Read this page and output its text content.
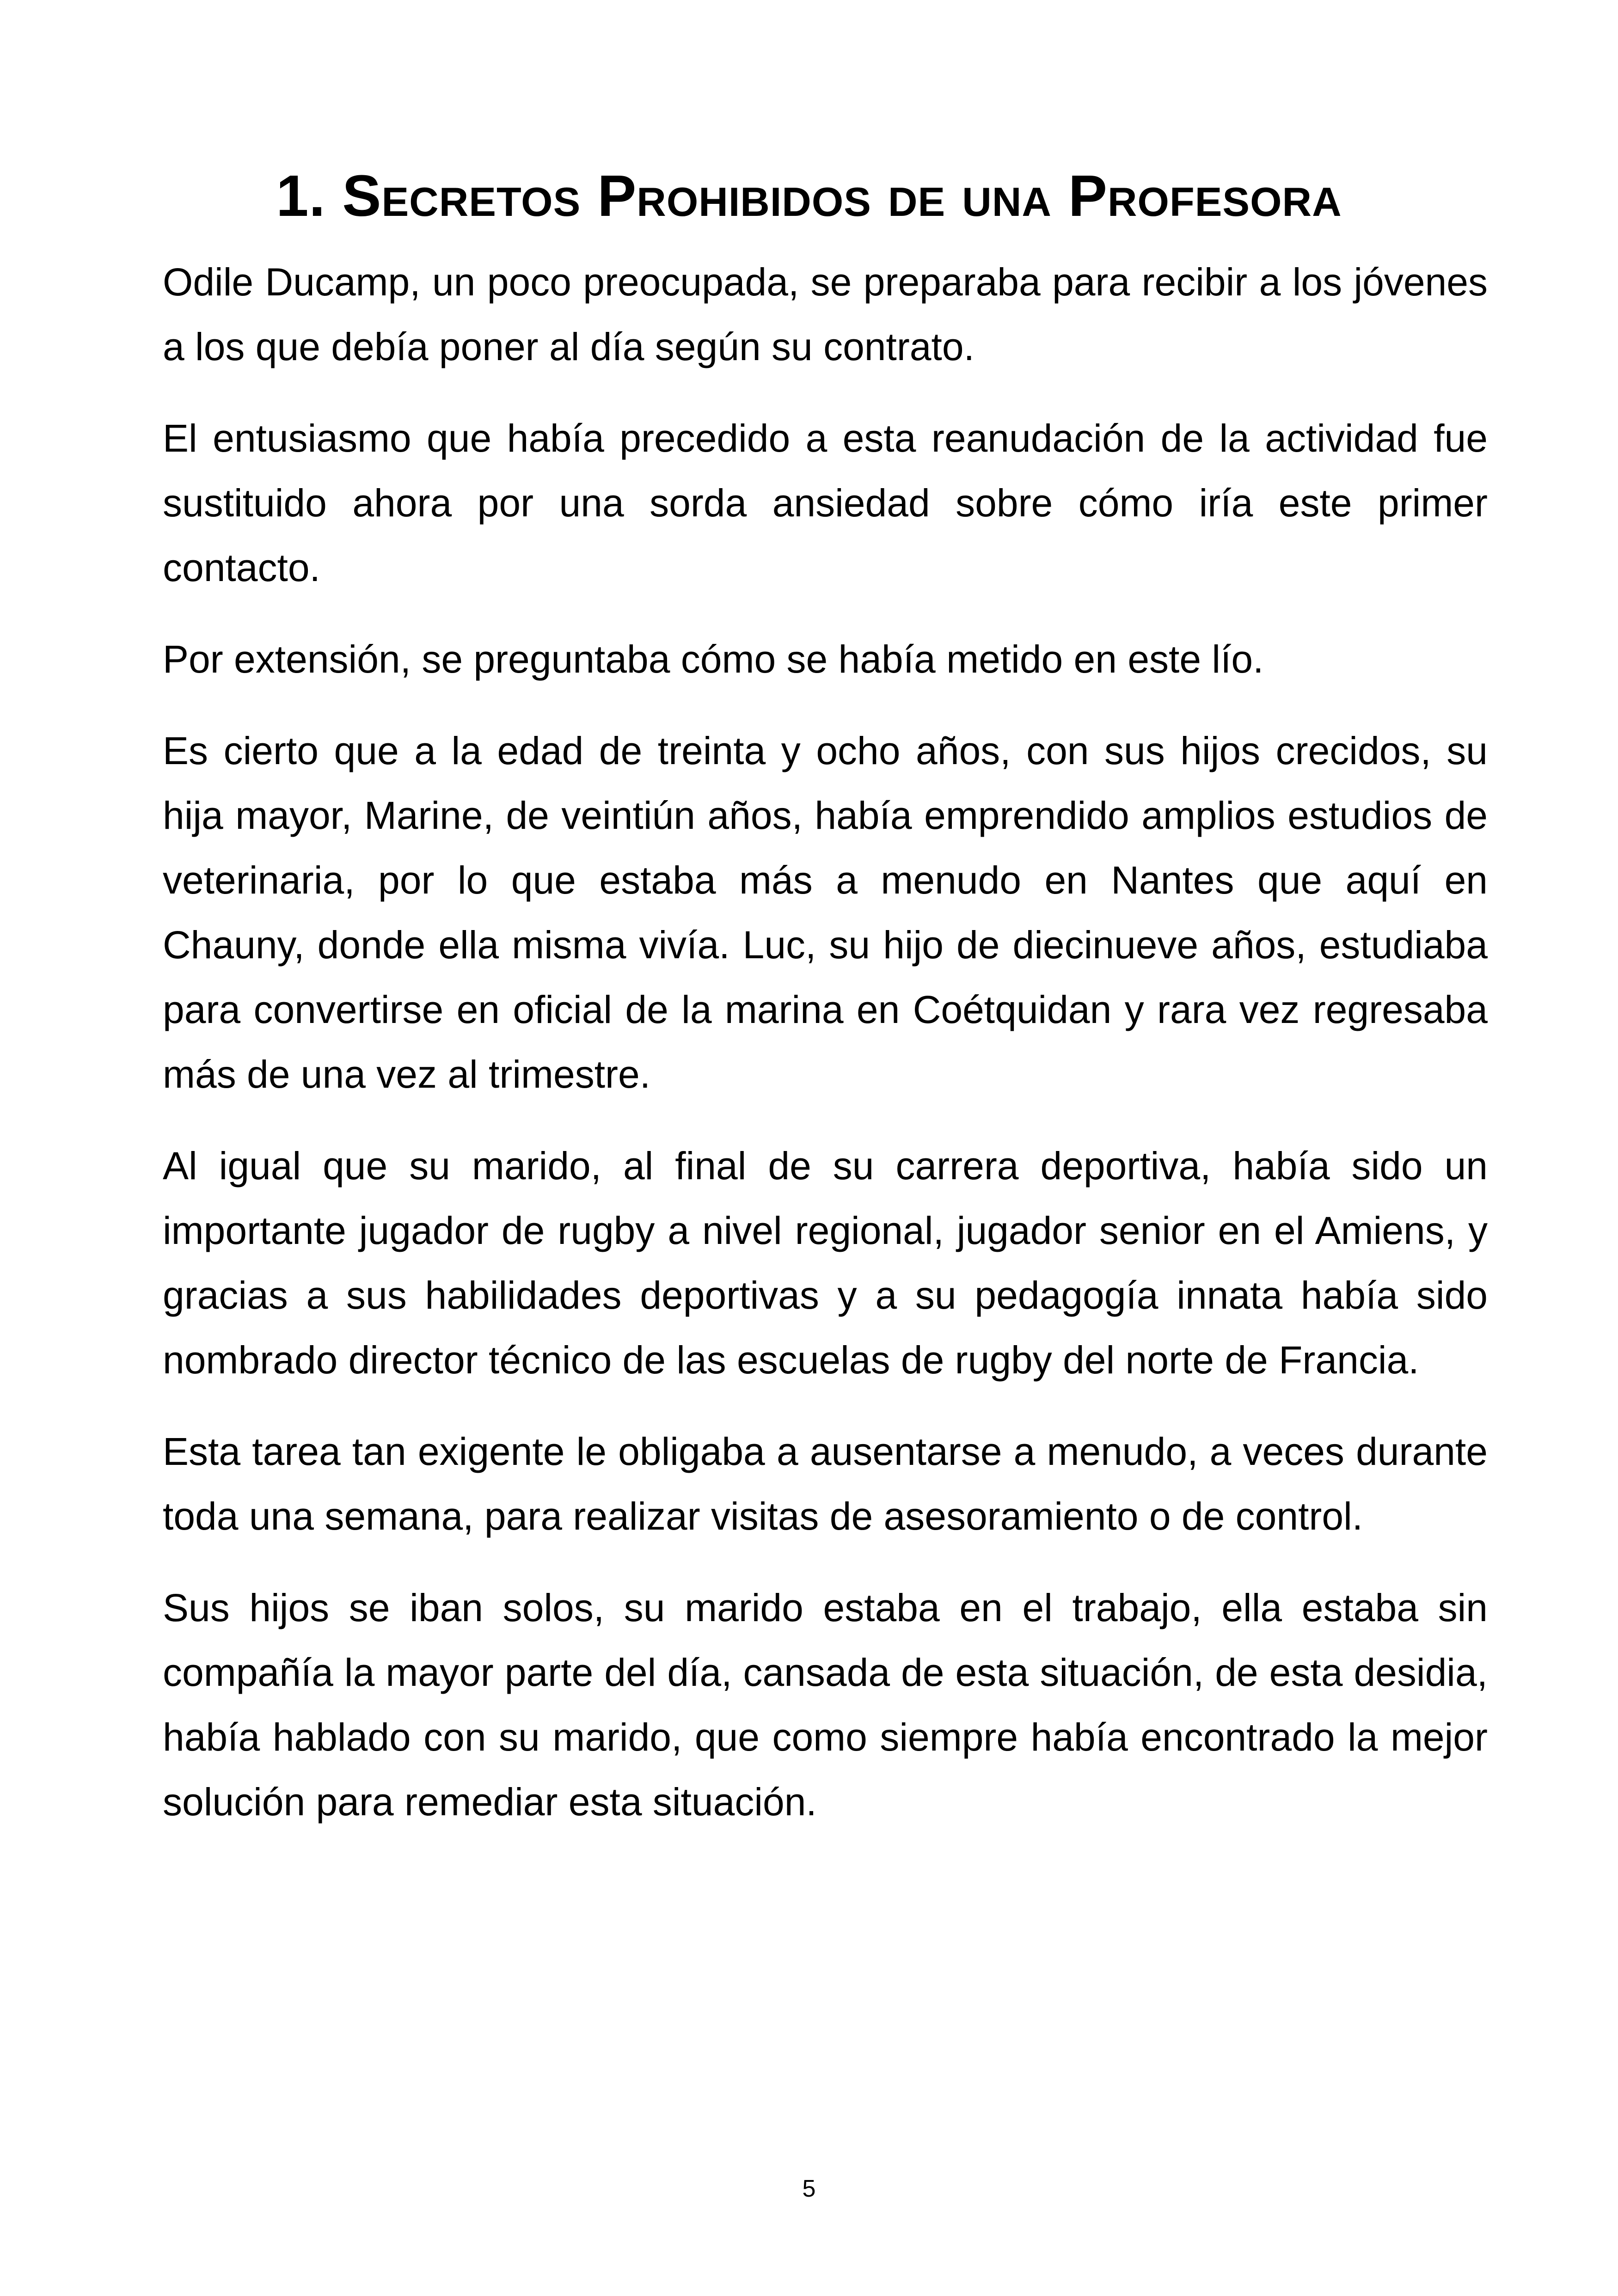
1. Secretos Prohibidos de una Profesora

Odile Ducamp, un poco preocupada, se preparaba para recibir a los jóvenes a los que debía poner al día según su contrato.

El entusiasmo que había precedido a esta reanudación de la actividad fue sustituido ahora por una sorda ansiedad sobre cómo iría este primer contacto.

Por extensión, se preguntaba cómo se había metido en este lío.

Es cierto que a la edad de treinta y ocho años, con sus hijos crecidos, su hija mayor, Marine, de veintiún años, había emprendido amplios estudios de veterinaria, por lo que estaba más a menudo en Nantes que aquí en Chauny, donde ella misma vivía. Luc, su hijo de diecinueve años, estudiaba para convertirse en oficial de la marina en Coétquidan y rara vez regresaba más de una vez al trimestre.

Al igual que su marido, al final de su carrera deportiva, había sido un importante jugador de rugby a nivel regional, jugador senior en el Amiens, y gracias a sus habilidades deportivas y a su pedagogía innata había sido nombrado director técnico de las escuelas de rugby del norte de Francia.

Esta tarea tan exigente le obligaba a ausentarse a menudo, a veces durante toda una semana, para realizar visitas de asesoramiento o de control.

Sus hijos se iban solos, su marido estaba en el trabajo, ella estaba sin compañía la mayor parte del día, cansada de esta situación, de esta desidia, había hablado con su marido, que como siempre había encontrado la mejor solución para remediar esta situación.

5
